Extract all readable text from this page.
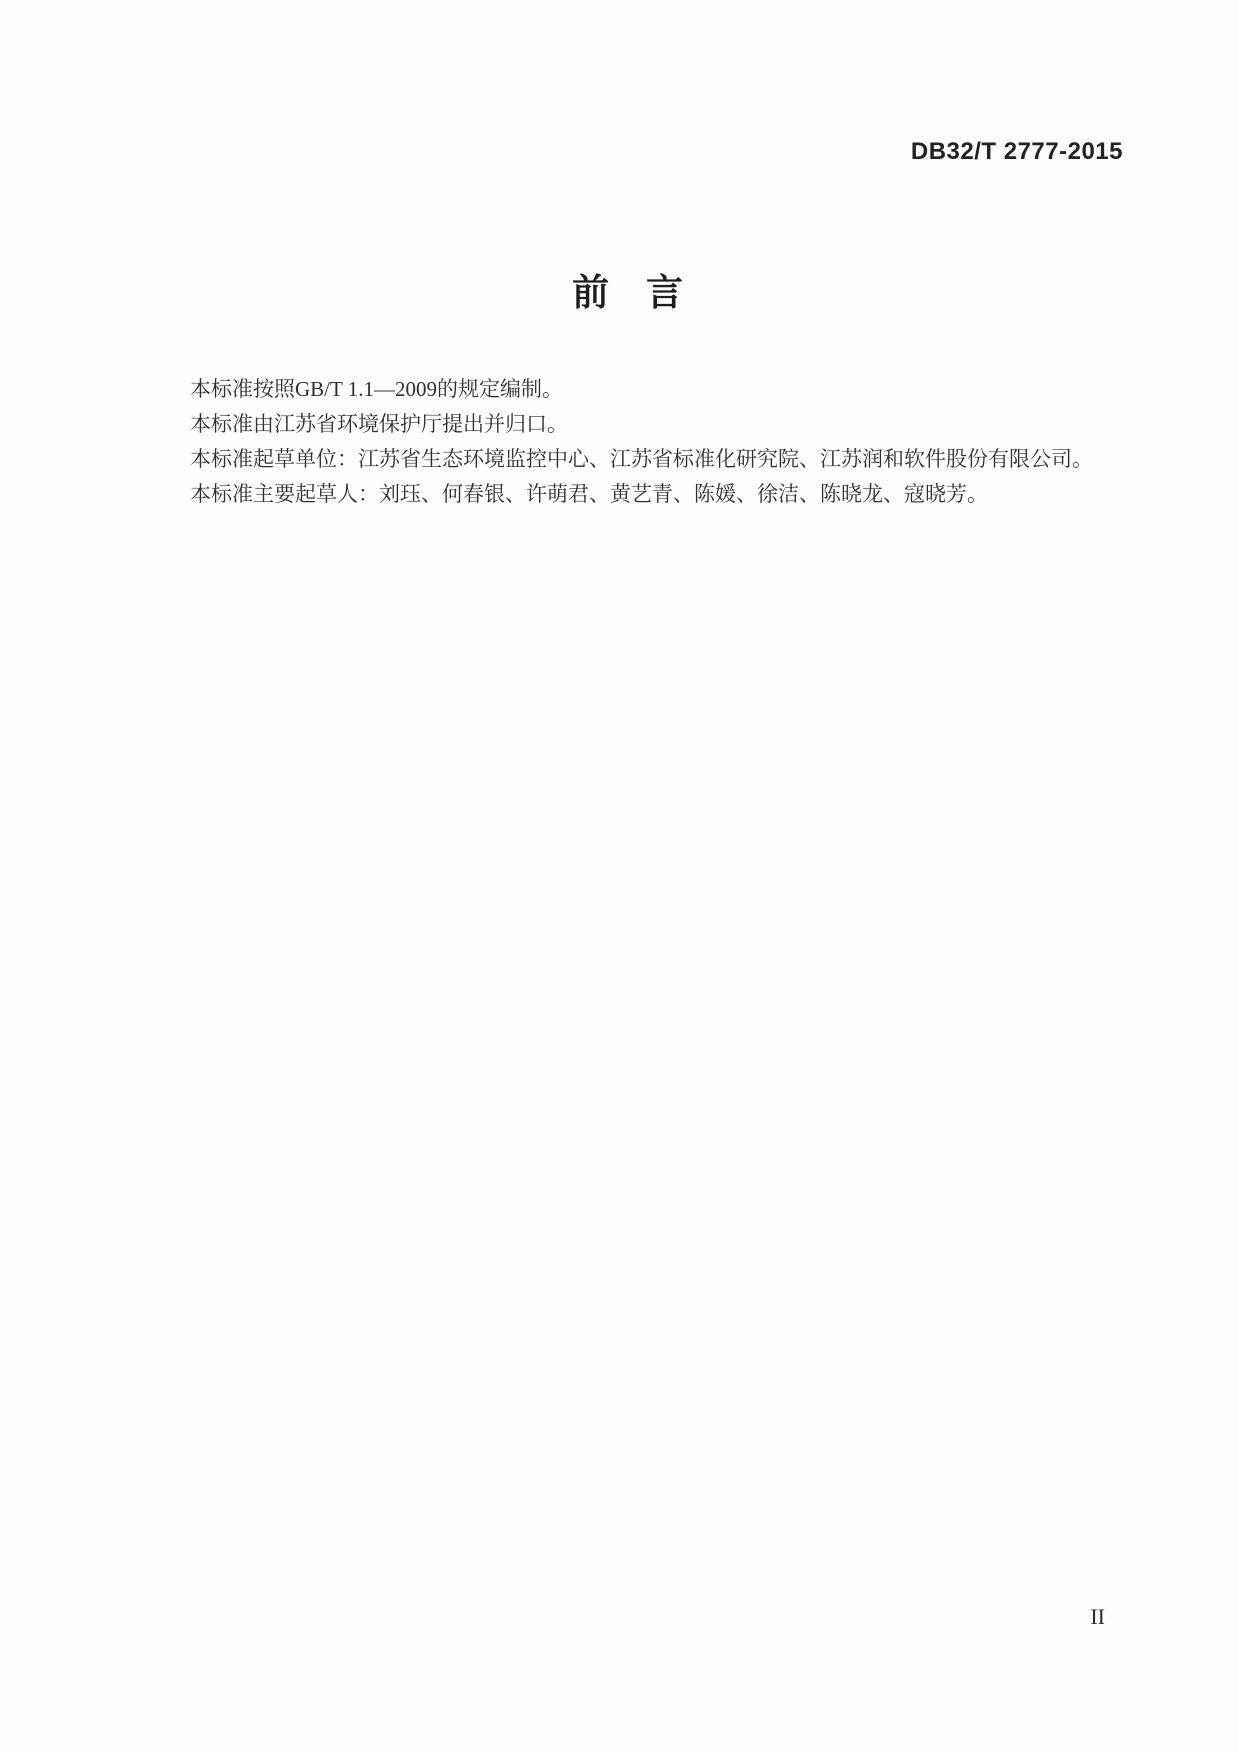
DB32/T 2777-2015
前　言

本标准按照GB/T 1.1—2009的规定编制。

本标准由江苏省环境保护厅提出并归口。

本标准起草单位：江苏省生态环境监控中心、江苏省标准化研究院、江苏润和软件股份有限公司。

本标准主要起草人：刘珏、何春银、许萌君、黄艺青、陈媛、徐洁、陈晓龙、寇晓芳。

II
